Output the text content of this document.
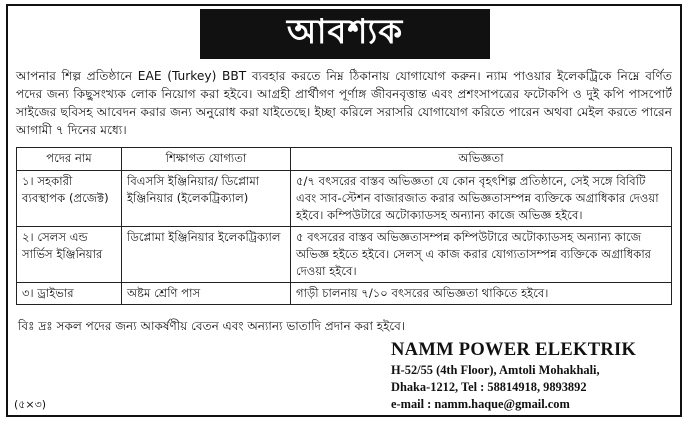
আবশ্যক
আপনার শিল্প প্রতিষ্ঠানে EAE (Turkey) BBT ব্যবহার করতে নিম্ন ঠিকানায় যোগাযোগ করুন। ন্যাম পাওয়ার ইলেকট্রিকে নিম্নে বর্ণিত পদের জন্য কিছুসংখ্যক লোক নিয়োগ করা হইবে। আগ্রহী প্রার্থীগণ পূর্ণাঙ্গ জীবনবৃত্তান্ত এবং প্রশংসাপত্রের ফটোকপি ও দুই কপি পাসপোর্ট সাইজের ছবিসহ আবেদন করার জন্য অনুরোধ করা যাইতেছে। ইচ্ছা করিলে সরাসরি যোগাযোগ করিতে পারেন অথবা মেইল করতে পারেন আগামী ৭ দিনের মধ্যে।
পদের নাম	শিক্ষাগত যোগ্যতা	অভিজ্ঞতা
১। সহকারী ব্যবস্থাপক (প্রজেক্ট)	বিএসসি ইঞ্জিনিয়ার/ ডিপ্লোমা ইঞ্জিনিয়ার (ইলেকট্রিক্যাল)	৫/৭ বৎসরের বাস্তব অভিজ্ঞতা যে কোন বৃহৎশিল্প প্রতিষ্ঠানে, সেই সঙ্গে বিবিটি এবং সাব-স্টেশন বাজারজাত করার অভিজ্ঞতাসম্পন্ন ব্যক্তিকে অগ্রাধিকার দেওয়া হইবে। কম্পিউটারে অটোক্যাডসহ অন্যান্য কাজে অভিজ্ঞ হইবে।
২। সেলস এন্ড সার্ভিস ইঞ্জিনিয়ার	ডিপ্লোমা ইঞ্জিনিয়ার ইলেকট্রিক্যাল	৫ বৎসরের বাস্তব অভিজ্ঞতাসম্পন্ন কম্পিউটারে অটোক্যাডসহ অন্যান্য কাজে অভিজ্ঞ হইতে হইবে। সেলস্ এ কাজ করার যোগ্যতাসম্পন্ন ব্যক্তিকে অগ্রাধিকার দেওয়া হইবে।
৩। ড্রাইভার	অষ্টম শ্রেণি পাস	গাড়ী চালনায় ৭/১০ বৎসরের অভিজ্ঞতা থাকিতে হইবে।
বিঃ দ্রঃ সকল পদের জন্য আকর্ষণীয় বেতন এবং অন্যান্য ভাতাদি প্রদান করা হইবে।
NAMM POWER ELEKTRIK
H-52/55 (4th Floor), Amtoli Mohakhali,
Dhaka-1212, Tel : 58814918, 9893892
e-mail : namm.haque@gmail.com
(৫×৩)
